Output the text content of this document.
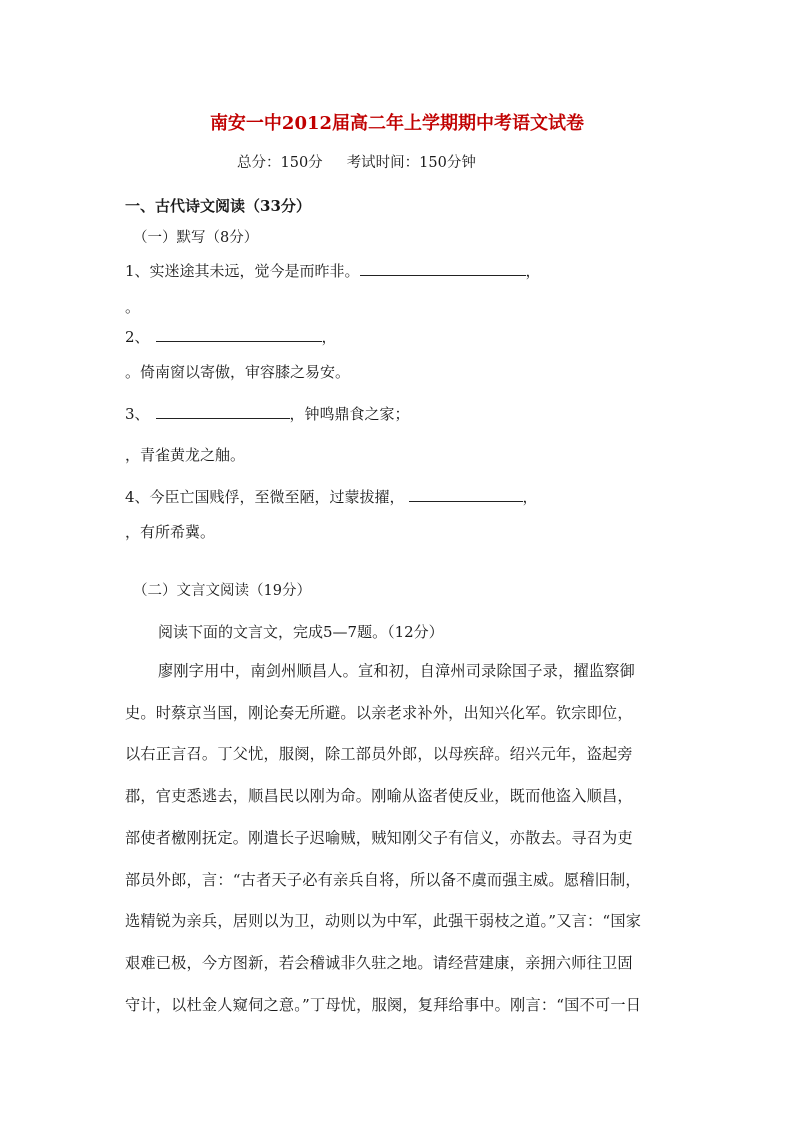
南安一中2012届高二年上学期期中考语文试卷
总分：150分 考试时间：150分钟
一、古代诗文阅读（33分）
（一）默写（8分）
1、实迷途其未远，觉今是而昨非。	，
。
2、	，
。倚南窗以寄傲，审容膝之易安。
3、	，钟鸣鼎食之家；
，青雀黄龙之舳。
4、今臣亡国贱俘，至微至陋，过蒙拔擢，	，
，有所希冀。
（二）文言文阅读（19分）
阅读下面的文言文，完成5—7题。（12分）
廖刚字用中，南剑州顺昌人。宣和初，自漳州司录除国子录，擢监察御
史。时蔡京当国，刚论奏无所避。以亲老求补外，出知兴化军。钦宗即位，
以右正言召。丁父忧，服阕，除工部员外郎，以母疾辞。绍兴元年，盗起旁
郡，官吏悉逃去，顺昌民以刚为命。刚喻从盗者使反业，既而他盗入顺昌，
部使者檄刚抚定。刚遣长子迟喻贼，贼知刚父子有信义，亦散去。寻召为吏
部员外郎，言：“古者天子必有亲兵自将，所以备不虞而强主威。愿稽旧制，
选精锐为亲兵，居则以为卫，动则以为中军，此强干弱枝之道。”又言：“国家
艰难已极，今方图新，若会稽诚非久驻之地。请经营建康，亲拥六师往卫固
守计，以杜金人窥伺之意。”丁母忧，服阕，复拜给事中。刚言：“国不可一日
